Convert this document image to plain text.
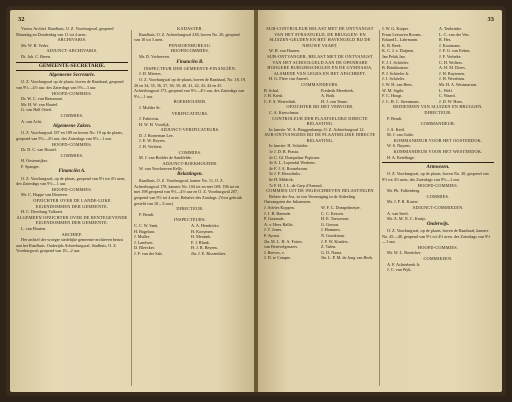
32
Vrouw Archief. Raadhuis, O. Z. Voorburgwal, geopend Maandag en Donderdag van 11 tot 4 uren.
ARCHIVARIS.
Mr. W. R. Veder.
ADJUNCT-ARCHIVARIS.
Dr. Joh. C. Breen.
GEMEENTE-SECRETARIE.
Algemeene Secretarie.
O. Z. Voorburgwal op de plaats, boven de Raadzaal, geopend van 9½—4½ uur. des Zaterdags van 9½—1 uur.
HOOFD-COMMIES.
Dr. W. C. van Beaumont.
Mr. H. W. van Houtel.
G. van Hall Otterl.
COMMIES.
A. van Acht.
Algemeene Zaken.
O. Z. Voorburgwal 187 en 189 en boven No. 19 op de plaats, geopend van 9½—4½ uur, des Zaterdags van 9½—1 uur.
HOOFD-COMMIES.
Dr. D. C. van Houtel.
COMMIES.
H. Oostenrijker.
F. Spanger.
Financiën A.
O. Z. Voorburgwal, op de plaats, geopend van 9½ tot 4½ uren, des Zaterdags van 9½—1 uur.
HOOFD-COMMIES.
Mr. C. Hoppe van Dinteren.
OPZICHTER OVER DE LANDE-LIJKE EIGENDOMMEN DER GEMEENTE.
H. C. Doesburg Valkaert.
ALGEMEEN OPZICHTER OVER DE RENTEGEVENDE EIGENDOMMEN DER GEMEENTE.
L. van Houten.
ARCHIEF.
Het archief der vroeger stedelijke gemeente-archieven berust aan het Raadhuis. Oudezijds Achterburgwal, Stadhuis, O. Z. Voorburgwal; geopend van 10—2 uur.
KADASTER.
Raadhuis, O. Z. Achterburgwal 238, boven No. 20, geopend van 10 tot 3 uren.
PENSIOENBUREAU.
HOOFDCOMMIES.
Mr. D. Verhoeven.
Financiën B.
INSPECTEUR DER GEMEENTE-FINANCIËN.
J. H. Mieters.
O. Z. Voorburgwal op de plaats, boven de Raadzaal, No. 18, 19, 20 en 34, 35, 36, 37, 38, 39, 40, 41, 42, 43, 44 en 45 Achterburgwal 173, geopend van 9½—4½ uur, des Zaterdags van 9½—1 uur.
BOEKHOUDER.
J. Mulder Sr.
VERIFICATEURS.
J. Fabricius.
H. W. H. Vroolijk.
ADJUNCT-VERIFICATEURS.
D. J. Borneman Lee.
J. E. W. Reyers.
J. H. Verbiest.
COMMIES.
M. J. van Bodder de Sandfelde.
ADJUNCT-BOEKHOUDER.
W. van Voorhoeven Kelly.
Belastingen.
Raadhuis, O. Z. Voorburgwal, kamer No. 11, O. Z. Achterburgwal 178, kamers No. 104 tot en met 169; 196 tot en met 198 geopend van 9½—4½ uur en O. Z. Voorburgwal 207, geopend van 9½ tot 4 uren. Behalve des Zondags. (Voor gebruik gesteld van 10—3 uur.)
DIRECTEUR.
F. Bendt.
INSPECTEURS.
C. C. W. Smit.	A. A. Hendrickx.
H. Bagelaar.	H. Kooymen.
J. Muller.	H. Mentink.
J. Landwer.	F. J. Blank.
D. Bleecker.	H. J. R. Beyens.
J. F. van der Sab.	Jhr. J. E. Rissenthies.
33
SUB-CONTROLEUR BELAST MET DE ONTVANGST VAN HET STRAATGELD, DE BRUGGEN- EN SLUIZEN-GELDEN EN HET HAVENGELD BIJ DE NIEUWE VAART.
W. H. van Haaren.
SUB-ONTVANGER, BELAST MET DE ONTVANGST VAN HET SCHOOLGELD AAN DE OPENBARE HOOGERE BURGERSCHOLEN EN DE GYMNASIA, ALSMEDE VAN LEGES EN HET AFSCHRIFT.
H. G. Fleer van Amerft.
COMMANDEURS.
B. Schol.	Frederik Meerbeek.
J. H. Kreul.	A. Both.
C. F. S. Westerlink.	H. J. van Tenne.
OPZICHTER BIJ HET VERVOER.
C. A. Kretschmar.
CONTROLEUR DER PLAATSELIJKE DIRECTE BELASTING.
In functie: W. A. Bruggenkamp, O. Z. Achterburgwal 12.
SUB-ONTVANGERS BIJ DE PLAATSELIJKE DIRECTE BELASTING.
In functie: H. Schröder.
1e J. D. R. Prasta.
2e C. Gl. Dompelaar Popicaer.
3e A. L. Lopendal Werkens.
4e F. J. A. Roozeboom.
5e J. F. Hesselinks.
6e H. Mildrok.
7e F. H. J. L. de Carp d'Arnoud.
COMMIES UIT DE INGESCHREVEN BELASTINGEN
Beheer der Ass. in von Vereeniging in de Afdeeling Ontvangsten der Inkomsten.
J. Advies Koppen.	W. F. C. Dompelmeijer.
J. J. B. Barende.	C. C. Kessen.
P. Gastaude.	H. E. Tarwassen.
A. v. Hees Hallis.	G. Gerson.
J. T. Jones.	J. Hommes.
P. Ayraoi.	N. Goudriaan.
Jhr. M. L. H. A. Fortes.	J. F. W. Kinders.
van Bernvelgenaers.	Z. Tulen.
J. Reeves, v.	G. D. Nauta.
J. D. te Compte.	Jhr. L. P. M. de Jong van Beek.
J. W. G. Kuiper.	A. Tenbrinke.
Frans Leeuwen Rooms.	L. C. van der Ven.
Eduard L. Lahrmann.	R. Hes.
K. B. Beek.	J. Kooimans.
K. C. J. v. Duijnen.	J. F. G. van Eeken.
Jan Pelak Jan.	J. F. Verbeke.
F. J. J. Schöeler.	C. H. Wolters.
B. Brinkhuizen.	A. H. M. Drees.
P. J. Schöeler Jr.	J. H. Ruytenen.
J. J. Schöeler.	J. H. Worrilans.
J. W. H. van Hees.	Mr. H. A. Westmarsen.
W. M. Sigile.	L. Wolf.
F. C. Hoogt.	C. Waard.
J. C. H. C. Steenmans.	J. D. W. Hoes.
BEDIENDEN VAN SLUIZEN EN BRUGGEN. DIRECTEUR.
F. Bendt.
COMMANDEUR.
J. A. Kettl.
M. J. van Gulte.
KOMMANDEUR VOOR HET OOSTERDOK.
W. S. Nuyens.
KOMMANDEUR VOOR HET WESTERDOK.
H. A. Ketelhage.
Armwezen.
O. Z. Voorburgwal, op de plaats, boven No. 20, geopend van 9½ tot 4½ uren, des Zaterdags van 9½—1 uur.
HOOFD-COMMIES.
Mr. Ph. Falkenberg.
COMMIES.
Mr. J. P. R. Koster.
ADJUNCT-COMMIEZEN.
A. van Seeft.
Mr. A. M. N. C. Kraijo.
Onderwijs.
O. Z. Voorburgwal, op de plaats, boven de Raadzaal, kamers No. 45—48, geopend van 9½ tot 4½ uren, des Zaterdags van 9½—1 uur.
HOOFD-COMMIES.
Mr. W. L. Boettcher.
COMMIEZEN.
A. F. Achterbeek Jr.
J. C. van Wyk.
